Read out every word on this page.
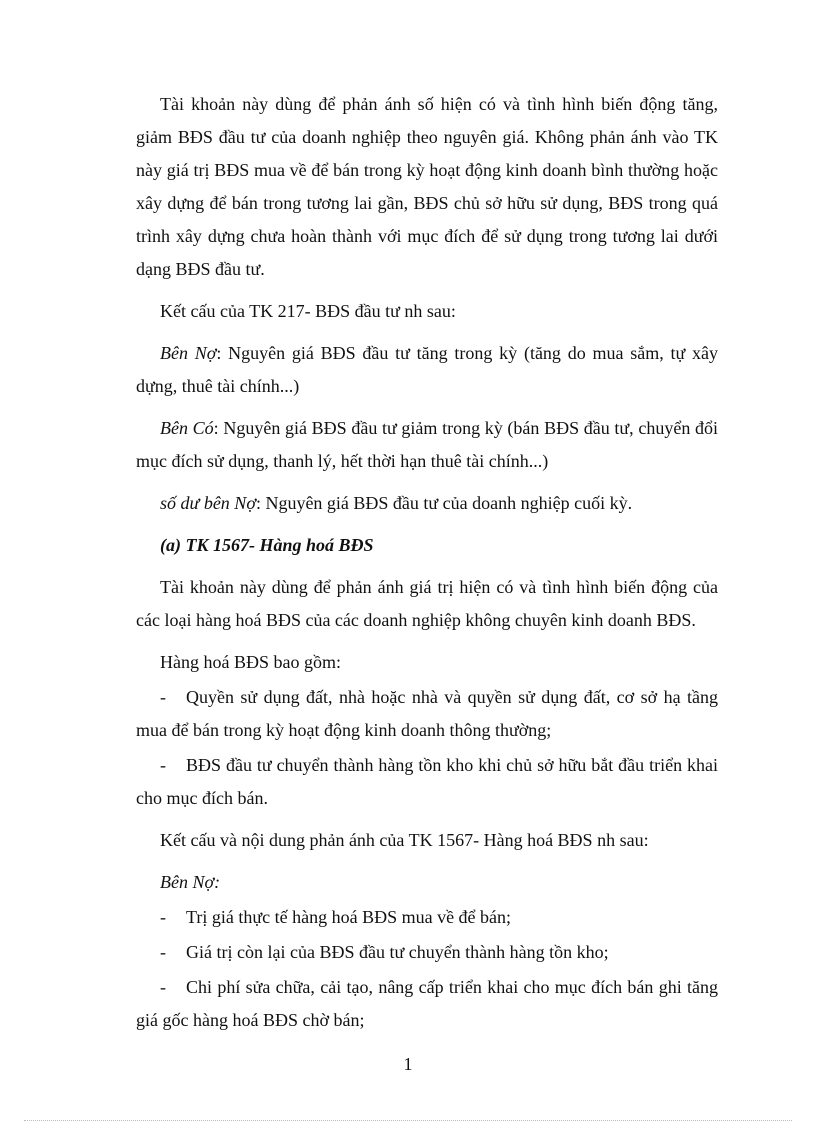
Tài khoản này dùng để phản ánh số hiện có và tình hình biến động tăng, giảm BĐS đầu tư của doanh nghiệp theo nguyên giá. Không phản ánh vào TK này giá trị BĐS mua về để bán trong kỳ hoạt động kinh doanh bình thường hoặc xây dựng để bán trong tương lai gần, BĐS chủ sở hữu sử dụng, BĐS trong quá trình xây dựng chưa hoàn thành với mục đích để sử dụng trong tương lai dưới dạng BĐS đầu tư.

Kết cấu của TK 217- BĐS đầu tư nh sau:

Bên Nợ: Nguyên giá BĐS đầu tư tăng trong kỳ (tăng do mua sắm, tự xây dựng, thuê tài chính...)

Bên Có: Nguyên giá BĐS đầu tư giảm trong kỳ (bán BĐS đầu tư, chuyển đổi mục đích sử dụng, thanh lý, hết thời hạn thuê tài chính...)

số dư bên Nợ: Nguyên giá BĐS đầu tư của doanh nghiệp cuối kỳ.

(a) TK 1567- Hàng hoá BĐS

Tài khoản này dùng để phản ánh giá trị hiện có và tình hình biến động của các loại hàng hoá BĐS của các doanh nghiệp không chuyên kinh doanh BĐS.

Hàng hoá BĐS bao gồm:

- Quyền sử dụng đất, nhà hoặc nhà và quyền sử dụng đất, cơ sở hạ tầng mua để bán trong kỳ hoạt động kinh doanh thông thường;

- BĐS đầu tư chuyển thành hàng tồn kho khi chủ sở hữu bắt đầu triển khai cho mục đích bán.

Kết cấu và nội dung phản ánh của TK 1567- Hàng hoá BĐS nh sau:

Bên Nợ:

- Trị giá thực tế hàng hoá BĐS mua về để bán;

- Giá trị còn lại của BĐS đầu tư chuyển thành hàng tồn kho;

- Chi phí sửa chữa, cải tạo, nâng cấp triển khai cho mục đích bán ghi tăng giá gốc hàng hoá BĐS chờ bán;

1
